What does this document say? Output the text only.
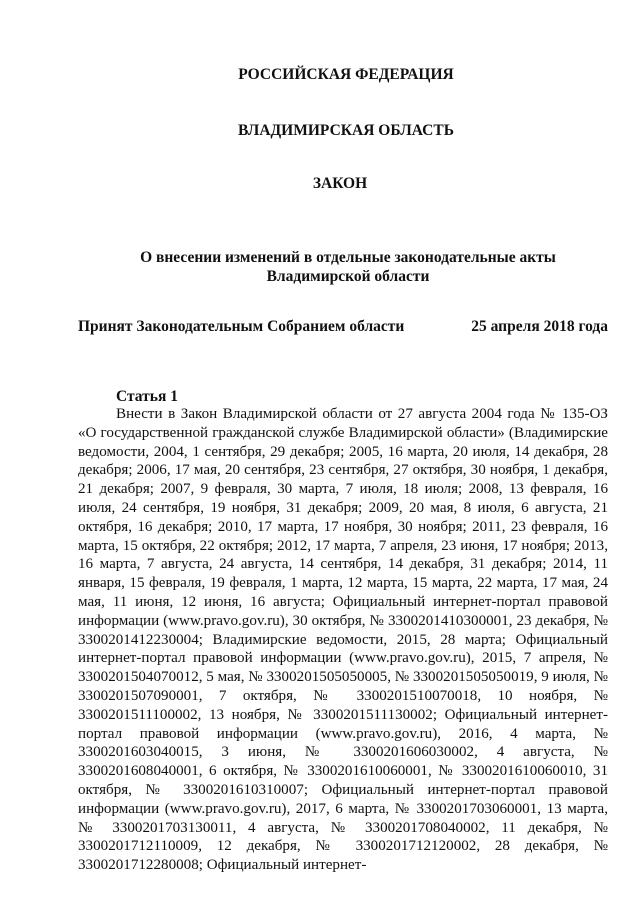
РОССИЙСКАЯ ФЕДЕРАЦИЯ
ВЛАДИМИРСКАЯ ОБЛАСТЬ
ЗАКОН
О внесении изменений в отдельные законодательные акты
Владимирской области
Принят Законодательным Собранием области	25 апреля 2018 года
Статья 1

Внести в Закон Владимирской области от 27 августа 2004 года № 135-ОЗ «О государственной гражданской службе Владимирской области» (Владимирские ведомости, 2004, 1 сентября, 29 декабря; 2005, 16 марта, 20 июля, 14 декабря, 28 декабря; 2006, 17 мая, 20 сентября, 23 сентября, 27 октября, 30 ноября, 1 декабря, 21 декабря; 2007, 9 февраля, 30 марта, 7 июля, 18 июля; 2008, 13 февраля, 16 июля, 24 сентября, 19 ноября, 31 декабря; 2009, 20 мая, 8 июля, 6 августа, 21 октября, 16 декабря; 2010, 17 марта, 17 ноября, 30 ноября; 2011, 23 февраля, 16 марта, 15 октября, 22 октября; 2012, 17 марта, 7 апреля, 23 июня, 17 ноября; 2013, 16 марта, 7 августа, 24 августа, 14 сентября, 14 декабря, 31 декабря; 2014, 11 января, 15 февраля, 19 февраля, 1 марта, 12 марта, 15 марта, 22 марта, 17 мая, 24 мая, 11 июня, 12 июня, 16 августа; Официальный интернет-портал правовой информации (www.pravo.gov.ru), 30 октября, № 3300201410300001, 23 декабря, № 3300201412230004; Владимирские ведомости, 2015, 28 марта; Официальный интернет-портал правовой информации (www.pravo.gov.ru), 2015, 7 апреля, № 3300201504070012, 5 мая, № 3300201505050005, № 3300201505050019, 9 июля, № 3300201507090001, 7 октября, № 3300201510070018, 10 ноября, № 3300201511100002, 13 ноября, № 3300201511130002; Официальный интернет-портал правовой информации (www.pravo.gov.ru), 2016, 4 марта, № 3300201603040015, 3 июня, № 3300201606030002, 4 августа, № 3300201608040001, 6 октября, № 3300201610060001, № 3300201610060010, 31 октября, № 3300201610310007; Официальный интернет-портал правовой информации (www.pravo.gov.ru), 2017, 6 марта, № 3300201703060001, 13 марта, № 3300201703130011, 4 августа, № 3300201708040002, 11 декабря, № 3300201712110009, 12 декабря, № 3300201712120002, 28 декабря, № 3300201712280008; Официальный интернет-
